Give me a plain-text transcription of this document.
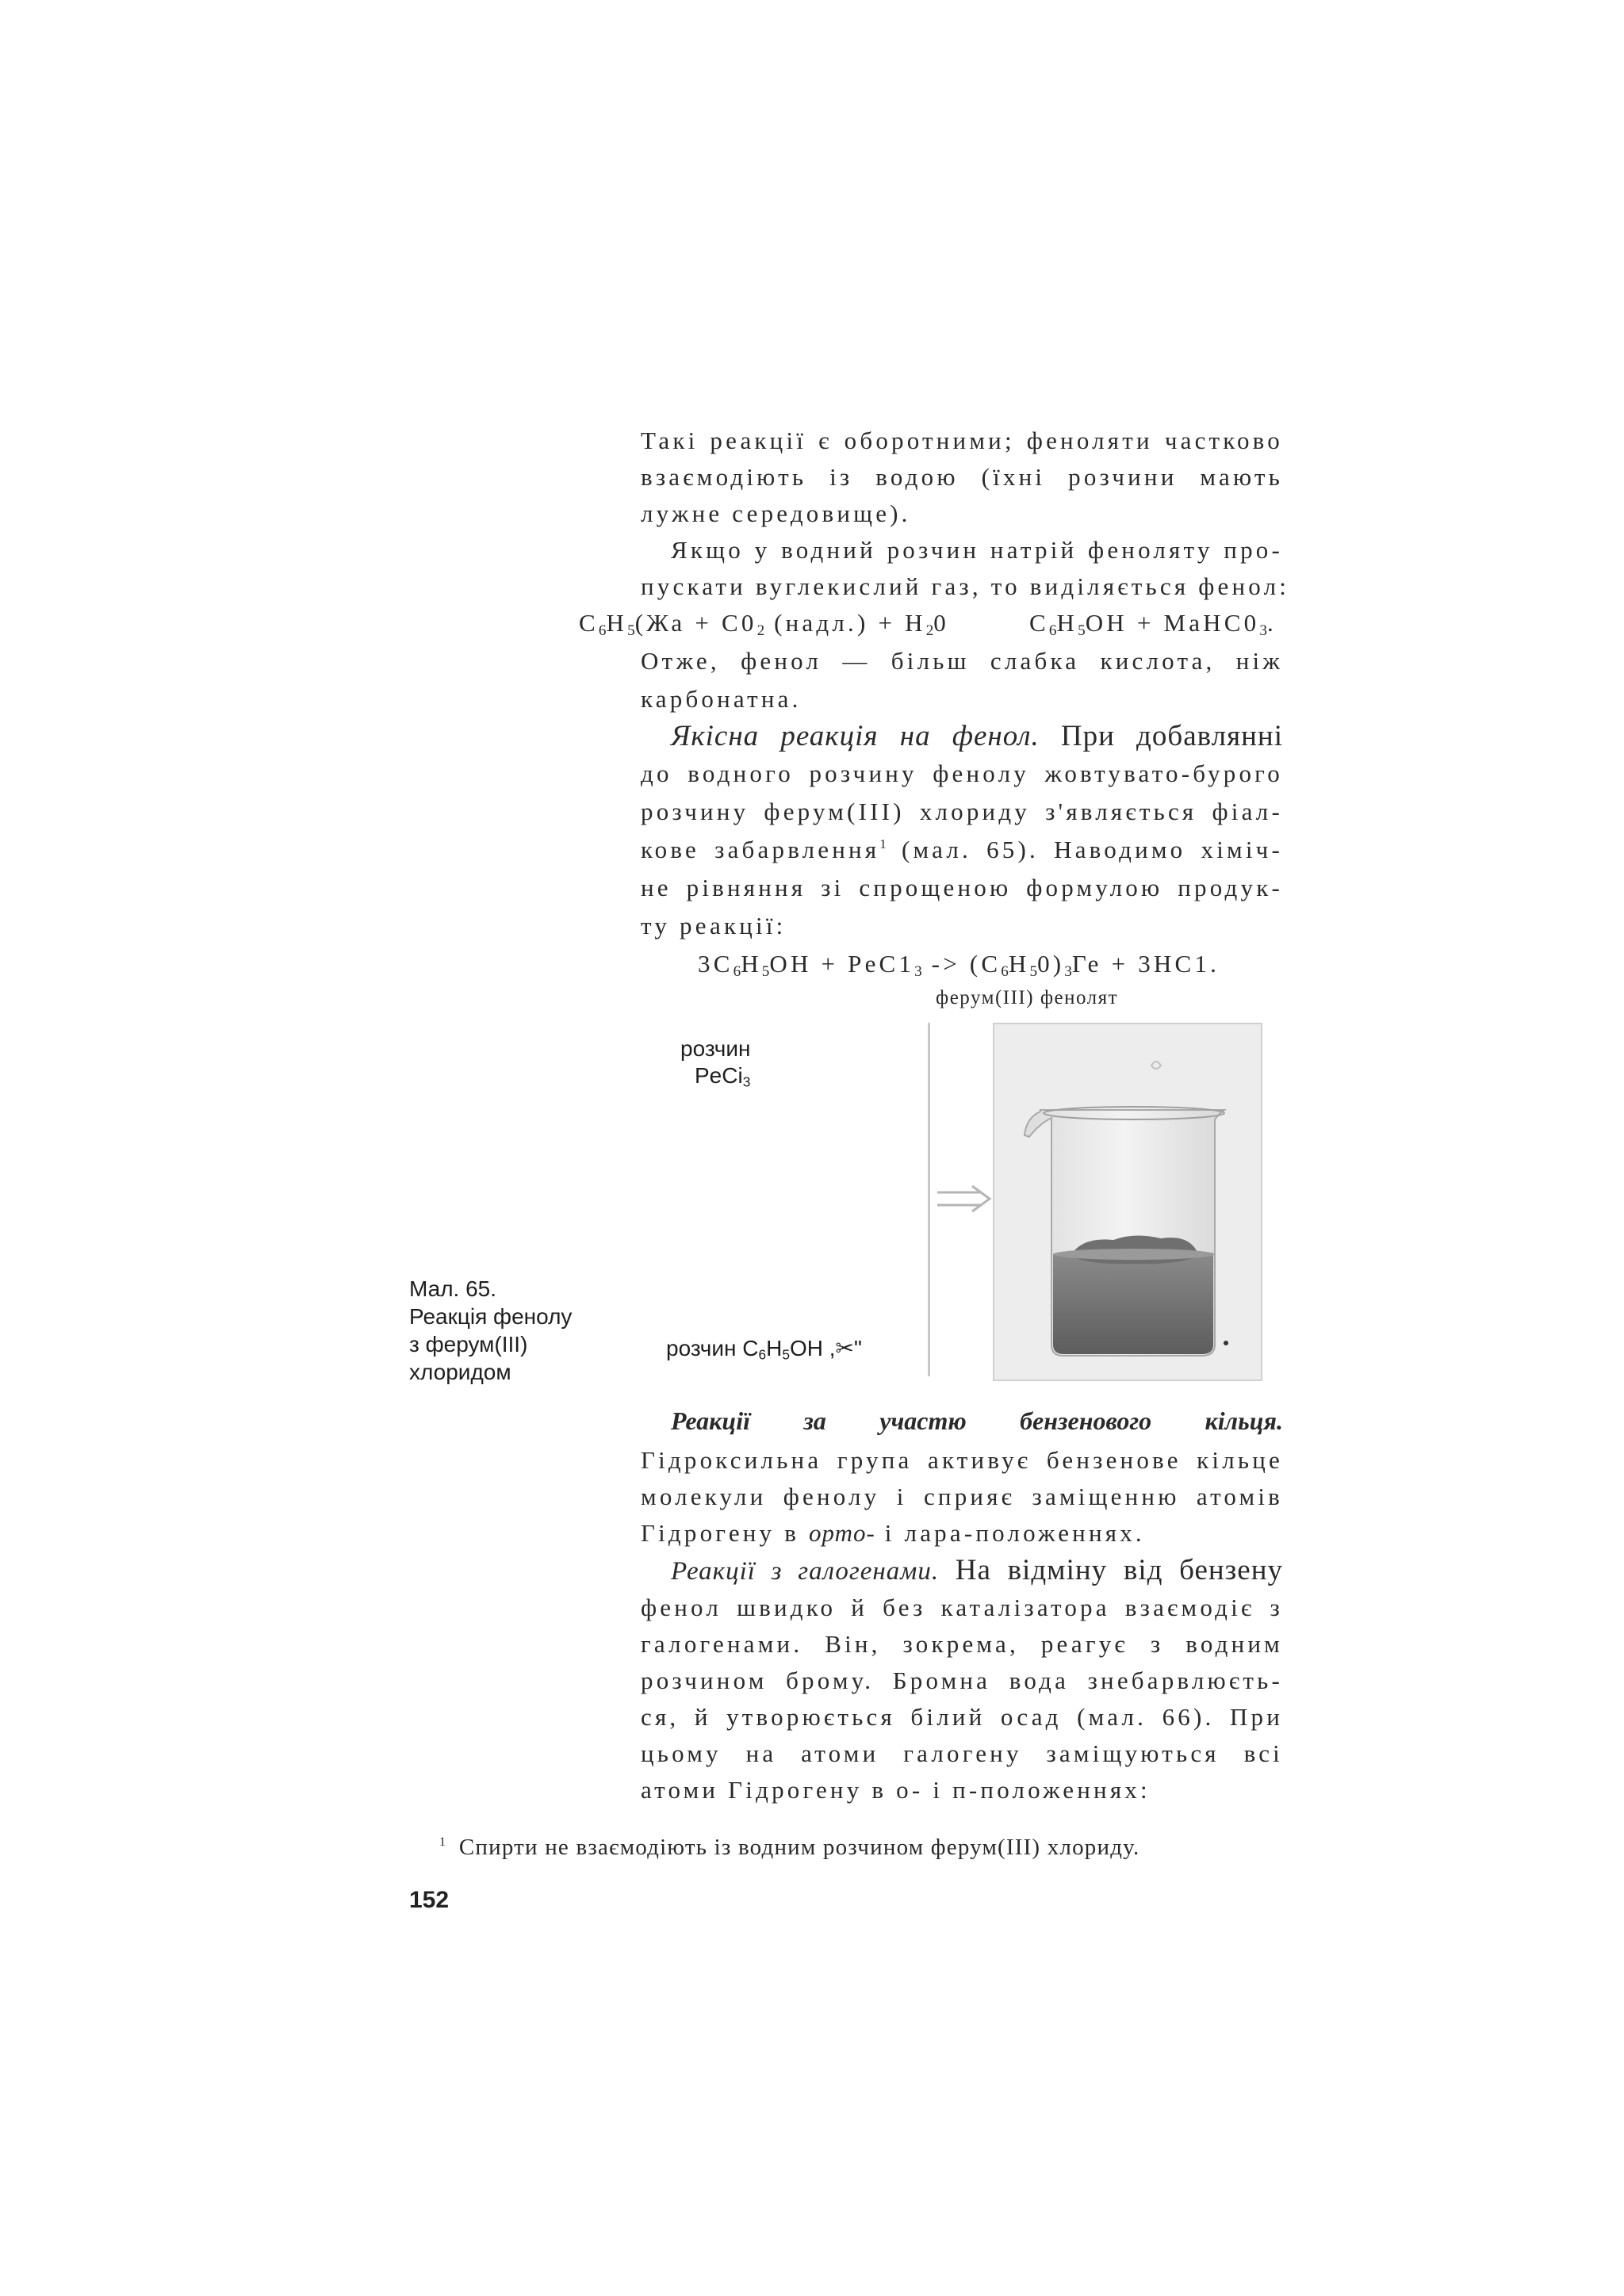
Такі реакції є оборотними; феноляти частково
взаємодіють із водою (їхні розчини мають
лужне середовище).
Якщо у водний розчин натрій феноляту про-
пускати вуглекислий газ, то виділяється фенол:
$C_6H_5(Жа + C0_2$ (надл.) + $H_20$	$C_6H_5OH$ + $MaHC0_3$.
Отже, фенол — більш слабка кислота, ніж
карбонатна.
Якісна реакція на фенол. При добавлянні
до водного розчину фенолу жовтувато-бурого
розчину ферум(III) хлориду з'являється фіал-
кове забарвлення$^1$ (мал. 65). Наводимо хіміч-
не рівняння зі спрощеною формулою продук-
ту реакції:
$3C_6H_5OH + PeC1_3 -> (C_6H_50)_3Ге + 3HC1$.
ферум(III) фенолят
розчин
PeCi$_3$
розчин $C_6H_5OH$ ,✂"
Мал. 65.
Реакція фенолу
з ферум(III)
хлоридом
Реакції за участю бензенового кільця.
Гідроксильна група активує бензенове кільце
молекули фенолу і сприяє заміщенню атомів
Гідрогену в орто- і лара-положеннях.
Реакції з галогенами. На відміну від бензену
фенол швидко й без каталізатора взаємодіє з
галогенами. Він, зокрема, реагує з водним
розчином брому. Бромна вода знебарвлюєть-
ся, й утворюється білий осад (мал. 66). При
цьому на атоми галогену заміщуються всі
атоми Гідрогену в о- і п-положеннях:
$^1$ Спирти не взаємодіють із водним розчином ферум(ІІІ) хлориду.
152
